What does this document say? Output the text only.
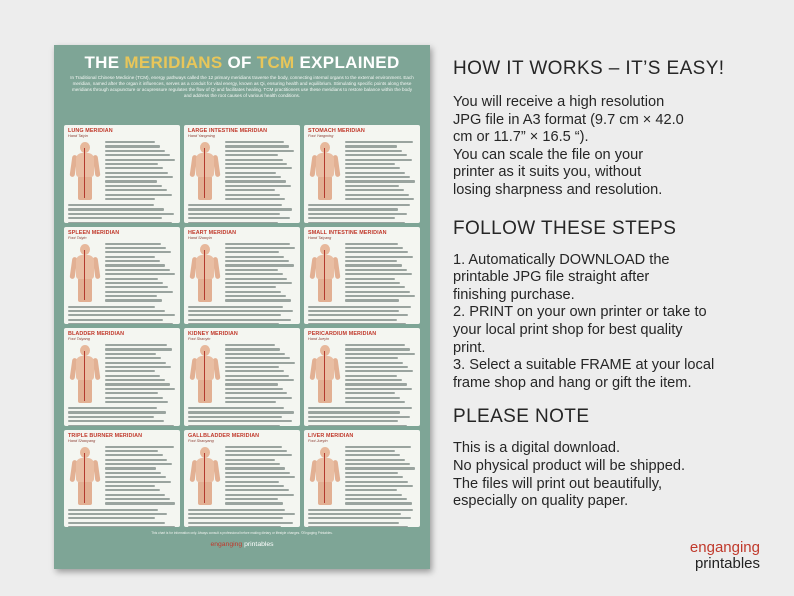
THE MERIDIANS OF TCM EXPLAINED
In Traditional Chinese Medicine (TCM), energy pathways called the 12 primary meridians traverse the body, connecting internal organs to the external environment. Each meridian, named after the organ it influences, serves as a conduit for vital energy, known as Qi, ensuring health and equilibrium. Stimulating specific points along these meridians through acupuncture or acupressure regulates the flow of Qi and facilitates healing. TCM practitioners use these meridians to restore balance within the body and address the root causes of various health conditions.
LUNG MERIDIAN
Hand Taiyin
LARGE INTESTINE MERIDIAN
Hand Yangming
STOMACH MERIDIAN
Foot Yangming
SPLEEN MERIDIAN
Foot Taiyin
HEART MERIDIAN
Hand Shaoyin
SMALL INTESTINE MERIDIAN
Hand Taiyang
BLADDER MERIDIAN
Foot Taiyang
KIDNEY MERIDIAN
Foot Shaoyin
PERICARDIUM MERIDIAN
Hand Jueyin
TRIPLE BURNER MERIDIAN
Hand Shaoyang
GALLBLADDER MERIDIAN
Foot Shaoyang
LIVER MERIDIAN
Foot Jueyin
This chart is for information only. Always consult a professional before making dietary or lifestyle changes. ©Engaging Printables.
enganging printables
HOW IT WORKS – IT’S EASY!
You will receive a high resolution
JPG file in A3 format (9.7 cm × 42.0
cm or 11.7” × 16.5 “).
You can scale the file on your
printer as it suits you, without
losing sharpness and resolution.
FOLLOW THESE STEPS
1. Automatically DOWNLOAD the
printable JPG file straight after
finishing purchase.
2. PRINT on your own printer or take to
your local print shop for best quality
print.
3. Select a suitable FRAME at your local
frame shop and hang or gift the item.
PLEASE NOTE
This is a digital download.
No physical product will be shipped.
The files will print out beautifully,
especially on quality paper.
enganging
printables
